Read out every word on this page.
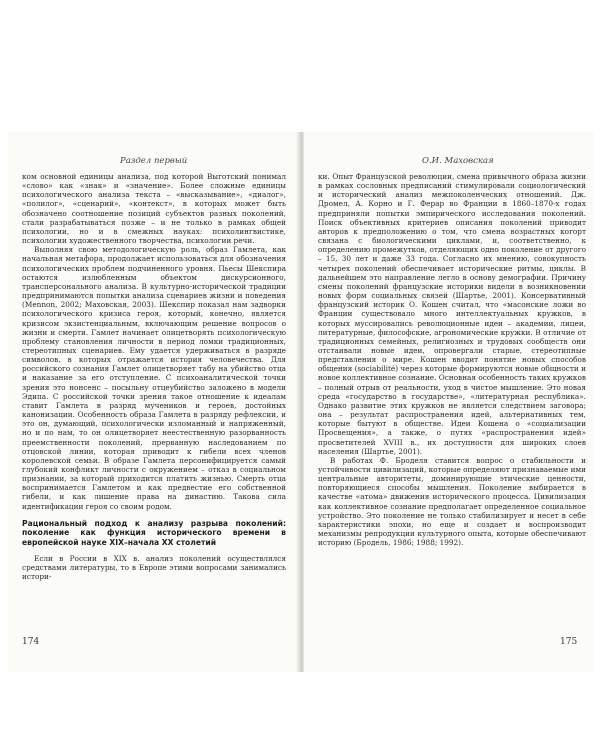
Раздел первый

ком основной единицы анализа, под которой Выготский понимал «слово» как «знак» и «значение». Более сложные единицы психологического анализа текста – «высказывание», «диалог», «полилог», «сценарий», «контекст», в которых может быть обозначено соотношение позиций субъектов разных поколений, стали разрабатываться позже – и не только в рамках общей психологии, но и в смежных науках: психолингвистике, психологии художественного творчества, психологии речи.

Выполняя свою методологическую роль, образ Гамлета, как начальная метафора, продолжает использоваться для обозначения психологических проблем подчиненного уровня. Пьесы Шекспира остаются излюбленным объектом дискурсионного, трансперсонального анализа. В культурно-исторической традиции предпринимаются попытки анализа сценариев жизни и поведения (Mennon, 2002; Маховская, 2003). Шекспир показал нам задворки психологического кризиса героя, который, конечно, является кризисом экзистенциальным, включающим решение вопросов о жизни и смерти. Гамлет начинает олицетворять психологическую проблему становления личности в период ломки традиционных, стереотипных сценариев. Ему удается удерживаться в разряде символов, в которых отражается история человечества. Для российского сознания Гамлет олицетворяет табу на убийство отца и наказание за его отступление. С психоаналитической точки зрения это нонсенс – посыльну отцеубийство заложено в модели Эдипа. С российской точки зрения такое отношение к идеалам ставит Гамлета в разряд мучеников и героев, достойных канонизации. Особенность образа Гамлета в разряду рефлексии, и это он, думающий, психологически изломанный и напряженный, но и по нам, то он олицетворяет неестественную разорванность преемственности поколений, прерванную наследованием по отцовской линии, которая приводит к гибели всех членов королевской семьи. В образе Гамлета персонифицируется самый глубокий конфликт личности с окружением – отказ в социальном признании, за который приходится платить жизнью. Смерть отца воспринимается Гамлетом и как предвестие его собственной гибели, и как лишение права на династию. Такова сила идентификации героя со своим родом.

Рациональный подход к анализу разрыва поколений: поколение как функция исторического времени в европейской науке XIX–начала XX столетий

Если в России в XIX в. анализ поколений осуществлялся средствами литературы, то в Европе этими вопросами занимались истори-

174
О.И. Маховская

ки. Опыт Французской революции, смена привычного образа жизни в рамках сословных предписаний стимулировали социологический и исторический анализ межпоколенческих отношений. Дж. Дромел, А. Корно и Г. Ферар во Франции в 1860–1870-х годах предприняли попытки эмпирического исследования поколений. Поиск объективных критериев описания поколений приводит авторов к предположению о том, что смена возрастных когорт связана с биологическими циклами, и, соответственно, к определению промежутков, отделяющих одно поколение от другого – 15, 30 лет и даже 33 года. Согласно их мнению, совокупность четырех поколений обеспечивает исторические ритмы, циклы. В дальнейшем это направление легло в основу демографии. Причину смены поколений французские историки видели в возникновении новых форм социальных связей (Шартье, 2001). Консервативный французский историк О. Кошен считал, что «масонские ложи во Франции существовало много интеллектуальных кружков, в которых муссировались революционные идеи – академии, лицеи, литературные, философские, агрономические кружки. В отличие от традиционных семейных, религиозных и трудовых сообществ они отстаивали новые идеи, опровергали старые, стереотипные представления о мире. Кошен вводит понятие новых способов общения (sociabilité) через которые формируются новые общности и новое коллективное сознание. Основная особенность таких кружков – полный отрыв от реальности, уход в чистое мышление. Это новая среда «государство в государстве», «литературная республика». Однако развитие этих кружков не является следствием заговора; она – результат распространения идей, альтернативных тем, которые бытуют в обществе. Идеи Кошена о «социализации Просвещения», а также, о путях «распространения идей» просветителей XVIII в., их доступности для широких слоев населения (Шартье, 2001).

В работах Ф. Броделя ставится вопрос о стабильности и устойчивости цивилизаций, которые определяют признаваемые ими центральные авторитеты, доминирующие этические ценности, повторяющиеся способы мышления. Поколение выбирается в качестве «атома» движения исторического процесса. Цивилизация как коллективное сознание предполагает определенное социальное устройство. Это поколение не только стабилизирует и несет в себе характеристики эпохи, но еще и создает и воспроизводит механизмы репродукции культурного опыта, которые обеспечивают историю (Бродель, 1986; 1988; 1992).

175
